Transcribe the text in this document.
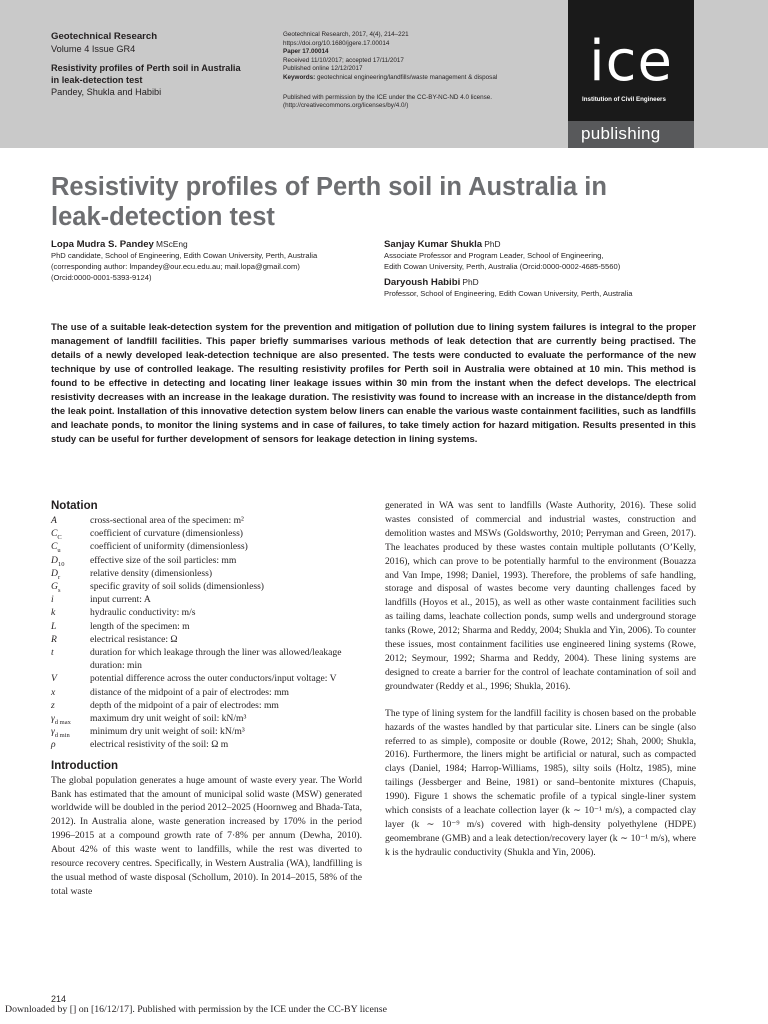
Geotechnical Research
Volume 4 Issue GR4
Resistivity profiles of Perth soil in Australia
in leak-detection test
Pandey, Shukla and Habibi
Geotechnical Research, 2017, 4(4), 214–221
https://doi.org/10.1680/jgere.17.00014
Paper 17.00014
Received 11/10/2017; accepted 17/11/2017
Published online 12/12/2017
Keywords: geotechnical engineering/landfills/waste management & disposal
Published with permission by the ICE under the CC-BY-NC-ND 4.0 license.
(http://creativecommons.org/licenses/by/4.0/)
ice
Institution of Civil Engineers
publishing
Resistivity profiles of Perth soil in Australia in
leak-detection test
Lopa Mudra S. Pandey MScEng
PhD candidate, School of Engineering, Edith Cowan University, Perth, Australia
(corresponding author: lmpandey@our.ecu.edu.au; mail.lopa@gmail.com)
(Orcid:0000-0001-5393-9124)
Sanjay Kumar Shukla PhD
Associate Professor and Program Leader, School of Engineering,
Edith Cowan University, Perth, Australia (Orcid:0000-0002-4685-5560)
Daryoush Habibi PhD
Professor, School of Engineering, Edith Cowan University, Perth, Australia

The use of a suitable leak-detection system for the prevention and mitigation of pollution due to lining system failures is integral to the proper management of landfill facilities. This paper briefly summarises various methods of leak detection that are currently being practised. The details of a newly developed leak-detection technique are also presented. The tests were conducted to evaluate the performance of the new technique by use of controlled leakage. The resulting resistivity profiles for Perth soil in Australia were obtained at 10 min. This method is found to be effective in detecting and locating liner leakage issues within 30 min from the instant when the defect develops. The electrical resistivity decreases with an increase in the leakage duration. The resistivity was found to increase with an increase in the distance/depth from the leak point. Installation of this innovative detection system below liners can enable the various waste containment facilities, such as landfills and leachate ponds, to monitor the lining systems and in case of failures, to take timely action for hazard mitigation. Results presented in this study can be useful for further development of sensors for leakage detection in lining systems.

Notation
A	cross-sectional area of the specimen: m²
$C_C$	coefficient of curvature (dimensionless)
$C_u$	coefficient of uniformity (dimensionless)
$D_{10}$	effective size of the soil particles: mm
$D_r$	relative density (dimensionless)
$G_s$	specific gravity of soil solids (dimensionless)
i	input current: A
k	hydraulic conductivity: m/s
L	length of the specimen: m
R	electrical resistance: Ω
t	duration for which leakage through the liner was allowed/leakage duration: min
V	potential difference across the outer conductors/input voltage: V
x	distance of the midpoint of a pair of electrodes: mm
z	depth of the midpoint of a pair of electrodes: mm
$\gamma_{d max}$ maximum dry unit weight of soil: kN/m³
$\gamma_{d min}$ minimum dry unit weight of soil: kN/m³
ρ	electrical resistivity of the soil: Ω m
Introduction

The global population generates a huge amount of waste every year. The World Bank has estimated that the amount of municipal solid waste (MSW) generated worldwide will be doubled in the period 2012–2025 (Hoornweg and Bhada-Tata, 2012). In Australia alone, waste generation increased by 170% in the period 1996–2015 at a compound growth rate of 7·8% per annum (Dewha, 2010). About 42% of this waste went to landfills, while the rest was diverted to resource recovery centres. Specifically, in Western Australia (WA), landfilling is the usual method of waste disposal (Schollum, 2010). In 2014–2015, 58% of the total waste

generated in WA was sent to landfills (Waste Authority, 2016). These solid wastes consisted of commercial and industrial wastes, construction and demolition wastes and MSWs (Goldsworthy, 2010; Perryman and Green, 2017). The leachates produced by these wastes contain multiple pollutants (O’Kelly, 2016), which can prove to be potentially harmful to the environment (Bouazza and Van Impe, 1998; Daniel, 1993). Therefore, the problems of safe handling, storage and disposal of wastes become very daunting challenges faced by landfills (Hoyos et al., 2015), as well as other waste containment facilities such as tailing dams, leachate collection ponds, sump wells and underground storage tanks (Rowe, 2012; Sharma and Reddy, 2004; Shukla and Yin, 2006). To counter these issues, most containment facilities use engineered lining systems (Rowe, 2012; Seymour, 1992; Sharma and Reddy, 2004). These lining systems are designed to create a barrier for the control of leachate contamination of soil and groundwater (Reddy et al., 1996; Shukla, 2016).

The type of lining system for the landfill facility is chosen based on the probable hazards of the wastes handled by that particular site. Liners can be single (also referred to as simple), composite or double (Rowe, 2012; Shah, 2000; Shukla, 2016). Furthermore, the liners might be artificial or natural, such as compacted clays (Daniel, 1984; Harrop-Williams, 1985), silty soils (Holtz, 1985), mine tailings (Jessberger and Beine, 1981) or sand–bentonite mixtures (Chapuis, 1990). Figure 1 shows the schematic profile of a typical single-liner system which consists of a leachate collection layer (k ∼ 10⁻¹ m/s), a compacted clay layer (k ∼ 10⁻⁹ m/s) covered with high-density polyethylene (HDPE) geomembrane (GMB) and a leak detection/recovery layer (k ∼ 10⁻¹ m/s), where k is the hydraulic conductivity (Shukla and Yin, 2006).

214
Downloaded by [] on [16/12/17]. Published with permission by the ICE under the CC-BY license
